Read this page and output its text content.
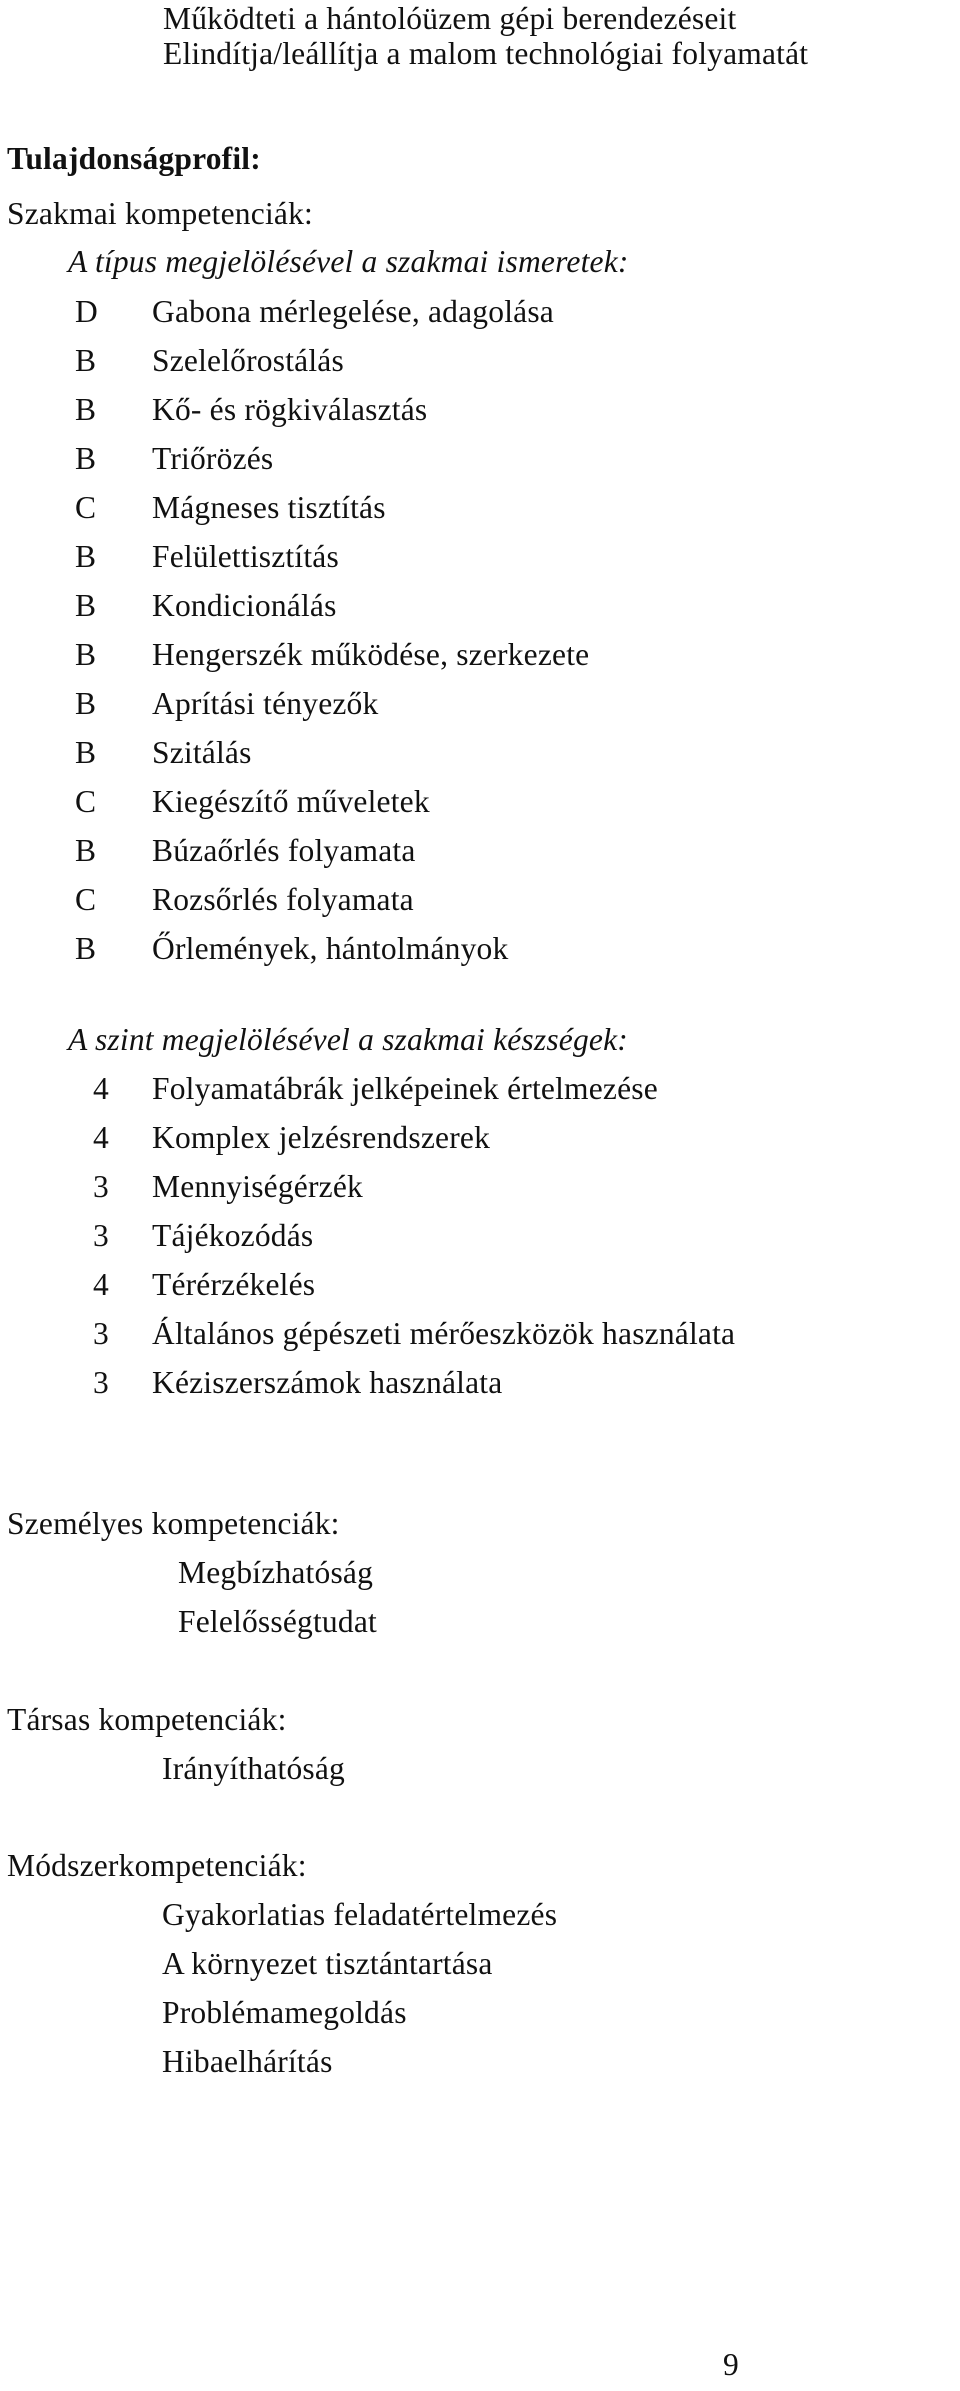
Működteti a hántolóüzem gépi berendezéseit
Elindítja/leállítja a malom technológiai folyamatát
Tulajdonságprofil:
Szakmai kompetenciák:
A típus megjelölésével a szakmai ismeretek:
D Gabona mérlegelése, adagolása
B Szelelőrostálás
B Kő- és rögkiválasztás
B Triőrözés
C Mágneses tisztítás
B Felülettisztítás
B Kondicionálás
B Hengerszék működése, szerkezete
B Aprítási tényezők
B Szitálás
C Kiegészítő műveletek
B Búzaőrlés folyamata
C Rozsőrlés folyamata
B Őrlemények, hántolmányok
A szint megjelölésével a szakmai készségek:
4 Folyamatábrák jelképeinek értelmezése
4 Komplex jelzésrendszerek
3 Mennyiségérzék
3 Tájékozódás
4 Térérzékelés
3 Általános gépészeti mérőeszközök használata
3 Kéziszerszámok használata
Személyes kompetenciák:
Megbízhatóság
Felelősségtudat
Társas kompetenciák:
Irányíthatóság
Módszerkompetenciák:
Gyakorlatias feladatértelmezés
A környezet tisztántartása
Problémamegoldás
Hibaelhárítás
9
